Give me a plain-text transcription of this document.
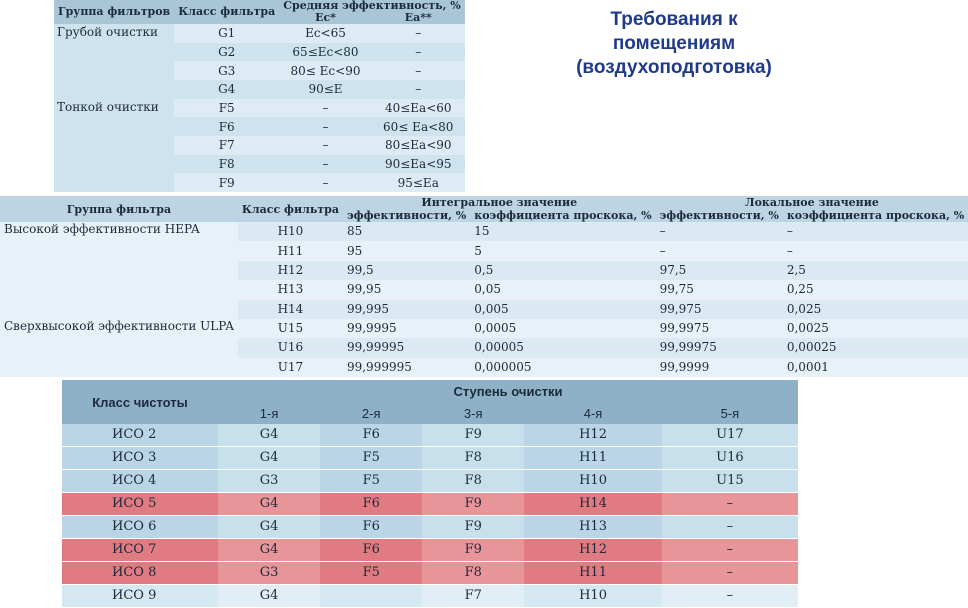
Требования к
помещениям
(воздухоподготовка)
Группа фильтров	Класс фильтра	Средняя эффективность, %	
		Ec*	Ea**
Грубой очистки	G1	Ec<65	–
	G2	65≤Ec<80	–
	G3	80≤ Ec<90	–
	G4	90≤E	–
Тонкой очистки	F5	–	40≤Ea<60
	F6	–	60≤ Ea<80
	F7	–	80≤Ea<90
	F8	–	90≤Ea<95
	F9	–	95≤Ea
Группа фильтра	Класс фильтра	Интегральное значение		Локальное значение	
		эффективности, %	коэффициента проскока, %	эффективности, %	коэффициента проскока, %
Высокой эффективности HEPA	H10	85	15	–	–
	H11	95	5	–	–
	H12	99,5	0,5	97,5	2,5
	H13	99,95	0,05	99,75	0,25
	H14	99,995	0,005	99,975	0,025
Сверхвысокой эффективности ULPA	U15	99,9995	0,0005	99,9975	0,0025
	U16	99,99995	0,00005	99,99975	0,00025
	U17	99,999995	0,000005	99,9999	0,0001
Класс чистоты	Ступень очистки				
	1-я	2-я	3-я	4-я	5-я
ИСО 2	G4	F6	F9	H12	U17
ИСО 3	G4	F5	F8	H11	U16
ИСО 4	G3	F5	F8	H10	U15
ИСО 5	G4	F6	F9	H14	–
ИСО 6	G4	F6	F9	H13	–
ИСО 7	G4	F6	F9	H12	–
ИСО 8	G3	F5	F8	H11	–
ИСО 9	G4		F7	H10	–
